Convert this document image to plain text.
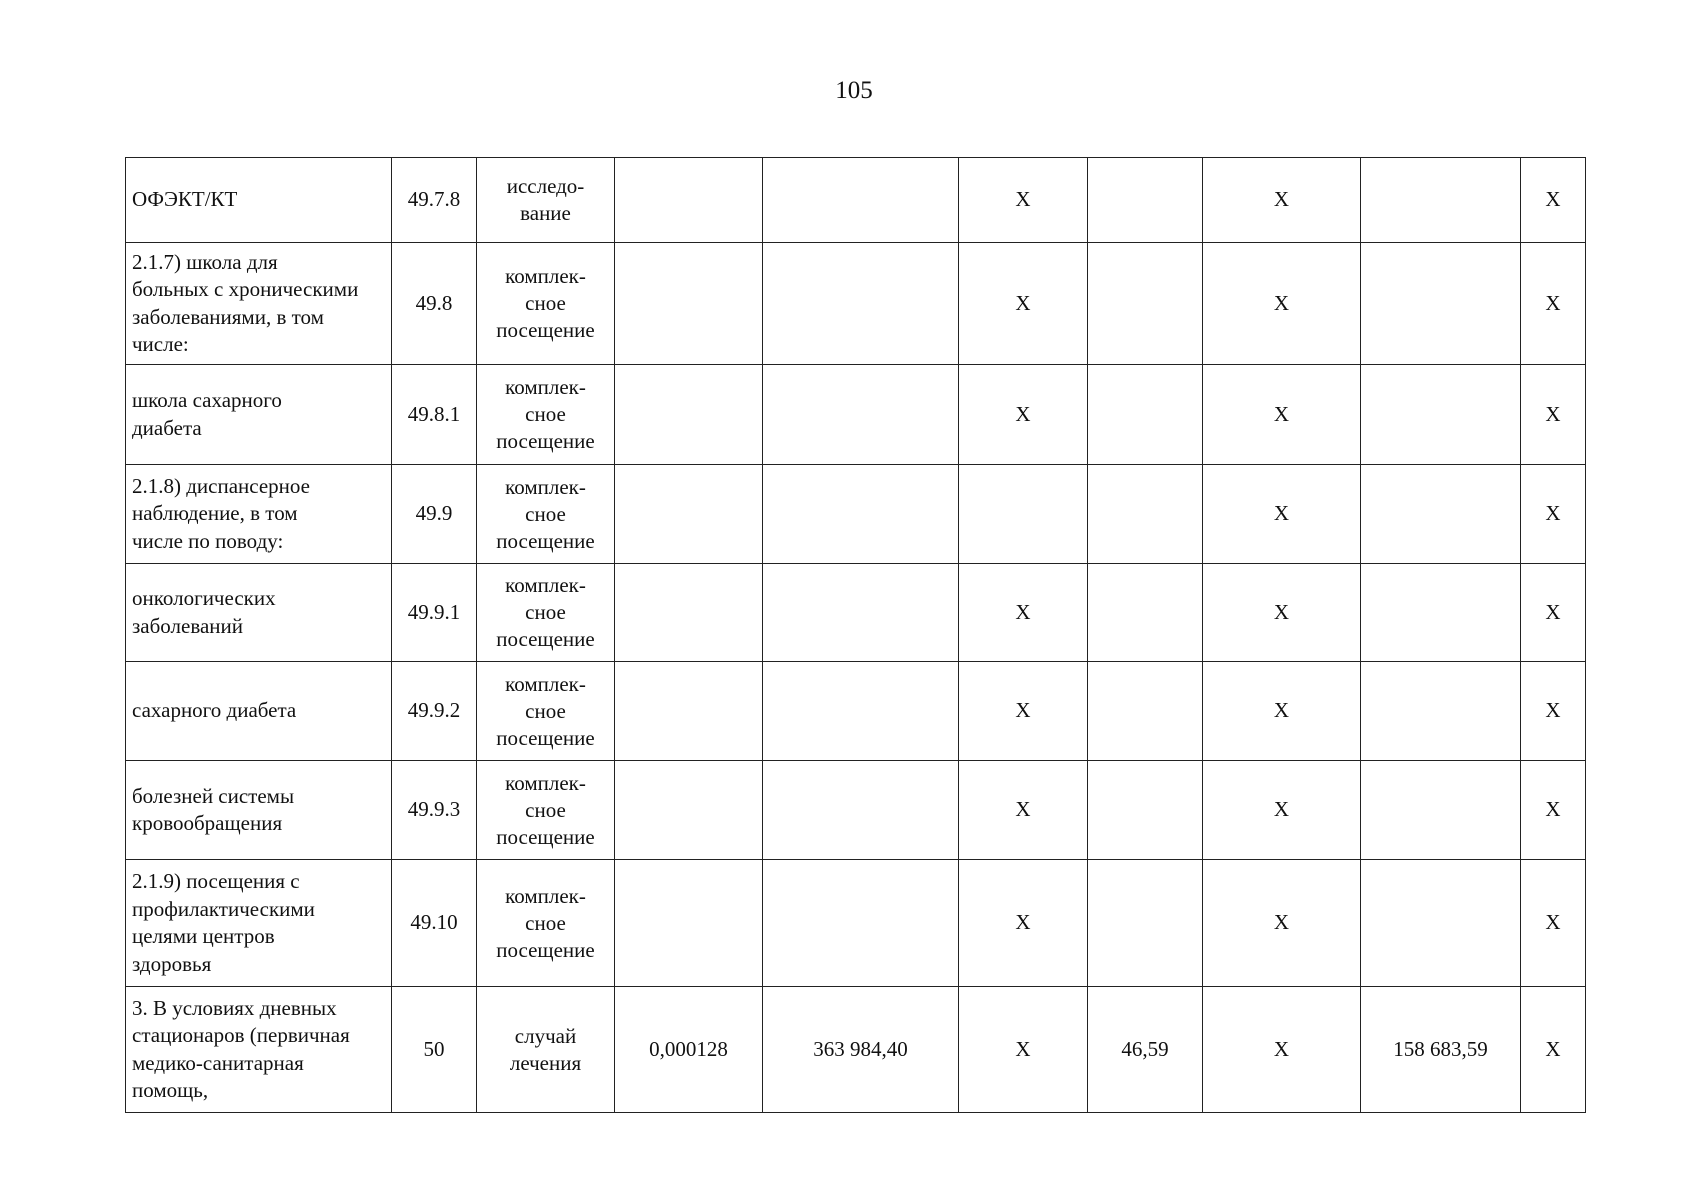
105
ОФЭКТ/КТ	49.7.8	исследо-
вание			X		X		X

2.1.7) школа для
больных с хроническими
заболеваниями, в том
числе:	49.8	комплек-
сное
посещение			X		X		X

школа сахарного
диабета	49.8.1	комплек-
сное
посещение			X		X		X

2.1.8) диспансерное
наблюдение, в том
числе по поводу:	49.9	комплек-
сное
посещение					X		X

онкологических
заболеваний	49.9.1	комплек-
сное
посещение			X		X		X

сахарного диабета	49.9.2	комплек-
сное
посещение			X		X		X

болезней системы
кровообращения	49.9.3	комплек-
сное
посещение			X		X		X

2.1.9) посещения с
профилактическими
целями центров
здоровья	49.10	комплек-
сное
посещение			X		X		X

3. В условиях дневных
стационаров (первичная
медико-санитарная
помощь,	50	случай
лечения	0,000128	363 984,40	X	46,59	X	158 683,59	X
